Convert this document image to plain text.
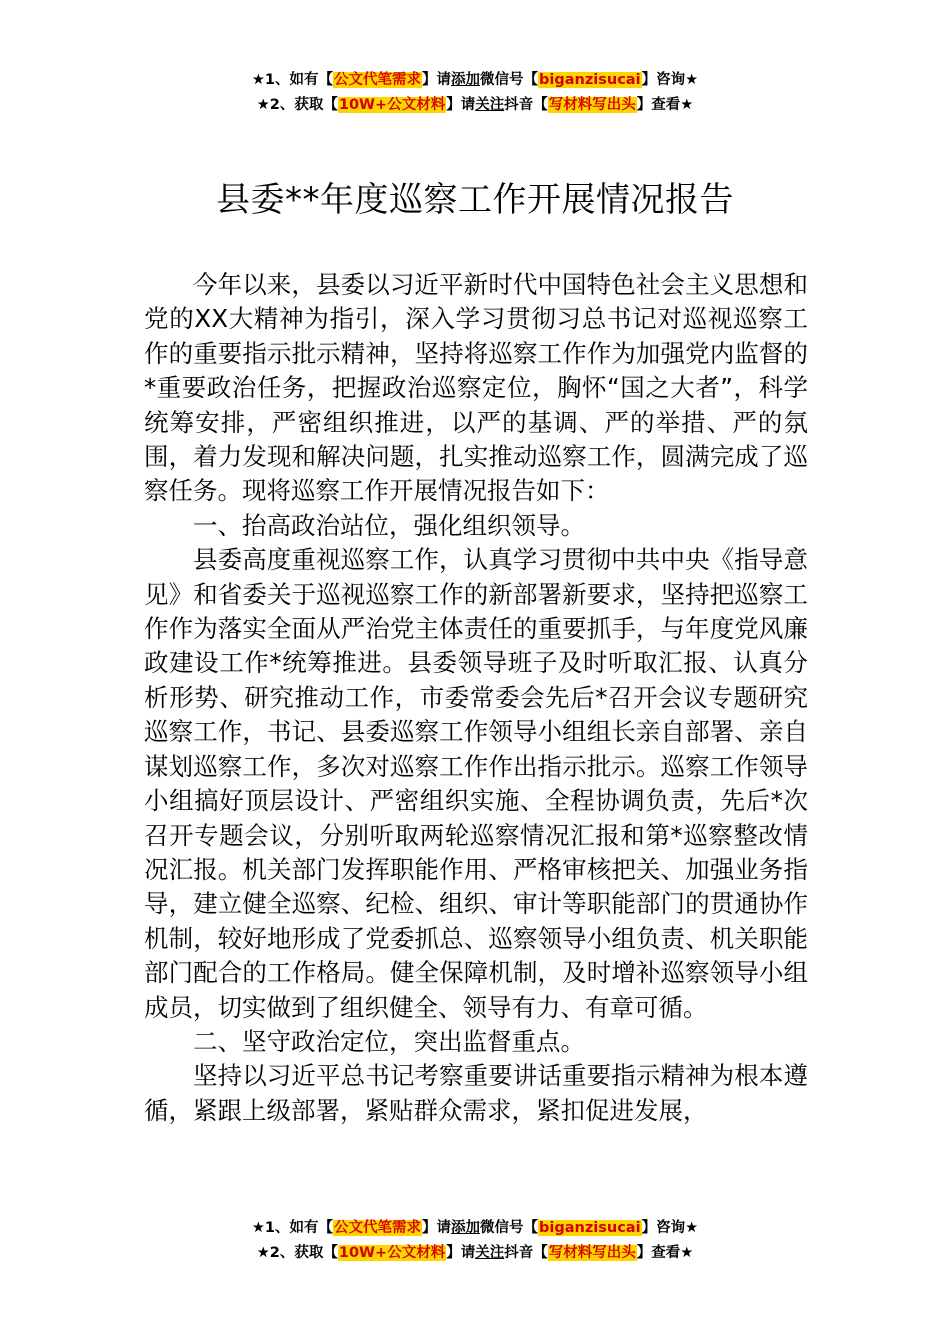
★1、如有【公文代笔需求】请添加微信号【biganzisucai】咨询★
★2、获取【10W+公文材料】请关注抖音【写材料写出头】查看★
县委**年度巡察工作开展情况报告

今年以来，县委以习近平新时代中国特色社会主义思想和党的XX大精神为指引，深入学习贯彻习总书记对巡视巡察工作的重要指示批示精神，坚持将巡察工作作为加强党内监督的*重要政治任务，把握政治巡察定位，胸怀“国之大者”，科学统筹安排，严密组织推进，以严的基调、严的举措、严的氛围，着力发现和解决问题，扎实推动巡察工作，圆满完成了巡察任务。现将巡察工作开展情况报告如下：

一、抬高政治站位，强化组织领导。

县委高度重视巡察工作，认真学习贯彻中共中央《指导意见》和省委关于巡视巡察工作的新部署新要求，坚持把巡察工作作为落实全面从严治党主体责任的重要抓手，与年度党风廉政建设工作*统筹推进。县委领导班子及时听取汇报、认真分析形势、研究推动工作，市委常委会先后*召开会议专题研究巡察工作，书记、县委巡察工作领导小组组长亲自部署、亲自谋划巡察工作，多次对巡察工作作出指示批示。巡察工作领导小组搞好顶层设计、严密组织实施、全程协调负责，先后*次召开专题会议，分别听取两轮巡察情况汇报和第*巡察整改情况汇报。机关部门发挥职能作用、严格审核把关、加强业务指导，建立健全巡察、纪检、组织、审计等职能部门的贯通协作机制，较好地形成了党委抓总、巡察领导小组负责、机关职能部门配合的工作格局。健全保障机制，及时增补巡察领导小组成员，切实做到了组织健全、领导有力、有章可循。

二、坚守政治定位，突出监督重点。

坚持以习近平总书记考察重要讲话重要指示精神为根本遵循，紧跟上级部署，紧贴群众需求，紧扣促进发展，

★1、如有【公文代笔需求】请添加微信号【biganzisucai】咨询★
★2、获取【10W+公文材料】请关注抖音【写材料写出头】查看★
